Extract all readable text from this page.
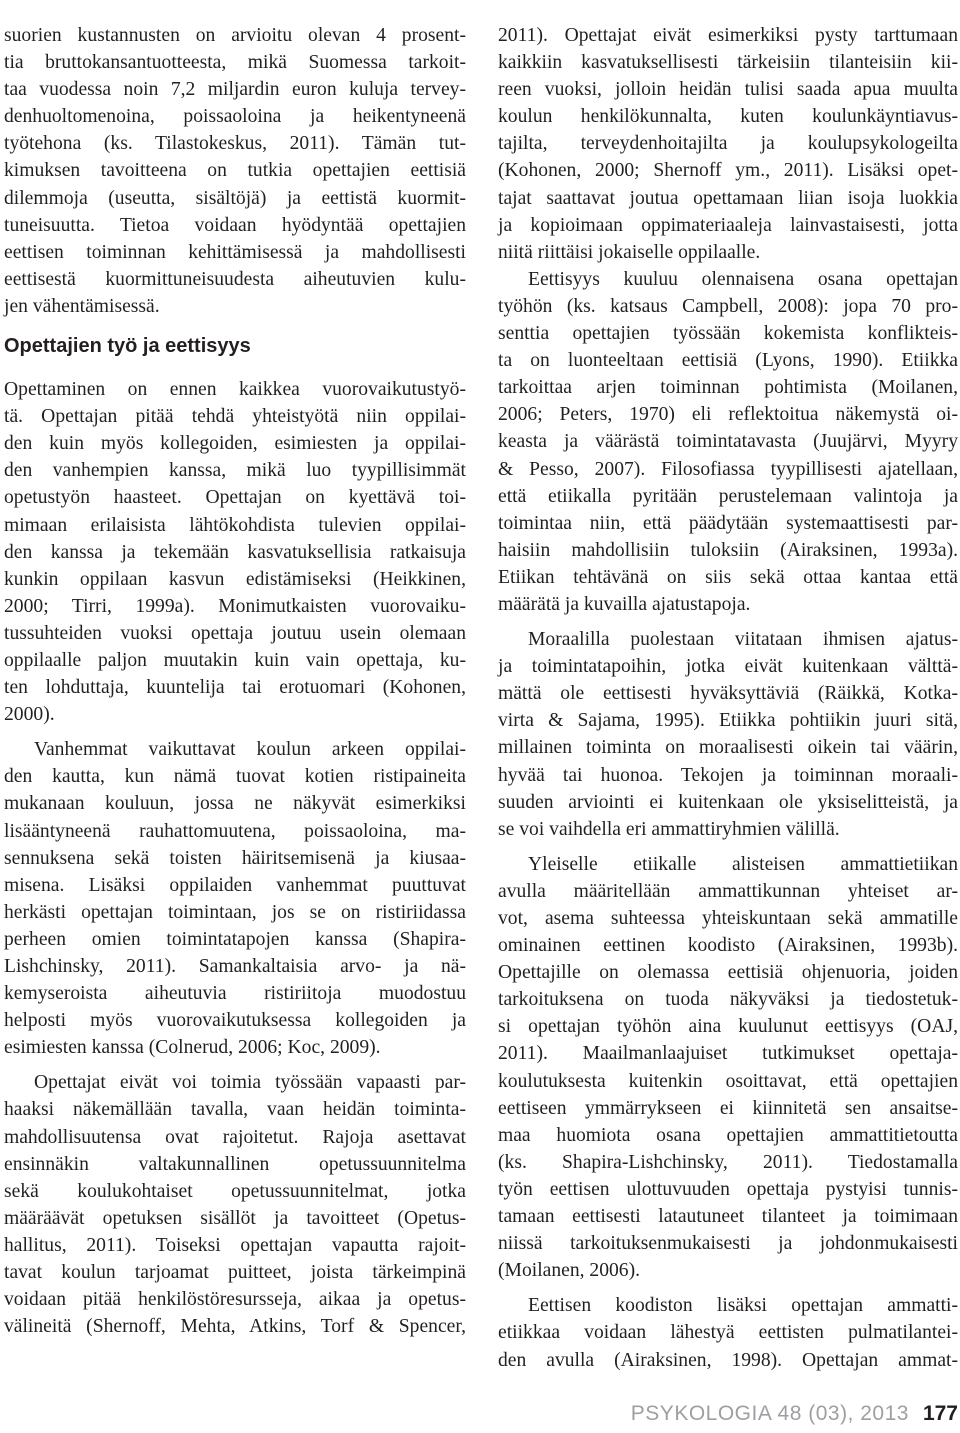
suorien kustannusten on arvioitu olevan 4 prosent-
tia bruttokansantuotteesta, mikä Suomessa tarkoit-
taa vuodessa noin 7,2 miljardin euron kuluja tervey-
denhuoltomenoina, poissaoloina ja heikentyneenä
työtehona (ks. Tilastokeskus, 2011). Tämän tut-
kimuksen tavoitteena on tutkia opettajien eettisiä
dilemmoja (useutta, sisältöjä) ja eettistä kuormit-
tuneisuutta. Tietoa voidaan hyödyntää opettajien
eettisen toiminnan kehittämisessä ja mahdollisesti
eettisestä kuormittuneisuudesta aiheutuvien kulu-
jen vähentämisessä.
Opettajien työ ja eettisyys
Opettaminen on ennen kaikkea vuorovaikutustyö-
tä. Opettajan pitää tehdä yhteistyötä niin oppilai-
den kuin myös kollegoiden, esimiesten ja oppilai-
den vanhempien kanssa, mikä luo tyypillisimmät
opetustyön haasteet. Opettajan on kyettävä toi-
mimaan erilaisista lähtökohdista tulevien oppilai-
den kanssa ja tekemään kasvatuksellisia ratkaisuja
kunkin oppilaan kasvun edistämiseksi (Heikkinen,
2000; Tirri, 1999a). Monimutkaisten vuorovaiku-
tussuhteiden vuoksi opettaja joutuu usein olemaan
oppilaalle paljon muutakin kuin vain opettaja, ku-
ten lohduttaja, kuuntelija tai erotuomari (Kohonen,
2000).
Vanhemmat vaikuttavat koulun arkeen oppilai-
den kautta, kun nämä tuovat kotien ristipaineita
mukanaan kouluun, jossa ne näkyvät esimerkiksi
lisääntyneenä rauhattomuutena, poissaoloina, ma-
sennuksena sekä toisten häiritsemisenä ja kiusaa-
misena. Lisäksi oppilaiden vanhemmat puuttuvat
herkästi opettajan toimintaan, jos se on ristiriidassa
perheen omien toimintatapojen kanssa (Shapira-
Lishchinsky, 2011). Samankaltaisia arvo- ja nä-
kemyseroista aiheutuvia ristiriitoja muodostuu
helposti myös vuorovaikutuksessa kollegoiden ja
esimiesten kanssa (Colnerud, 2006; Koc, 2009).
Opettajat eivät voi toimia työssään vapaasti par-
haaksi näkemällään tavalla, vaan heidän toiminta-
mahdollisuutensa ovat rajoitetut. Rajoja asettavat
ensinnäkin valtakunnallinen opetussuunnitelma
sekä koulukohtaiset opetussuunnitelmat, jotka
määräävät opetuksen sisällöt ja tavoitteet (Opetus-
hallitus, 2011). Toiseksi opettajan vapautta rajoit-
tavat koulun tarjoamat puitteet, joista tärkeimpinä
voidaan pitää henkilöstöresursseja, aikaa ja opetus-
välineitä (Shernoff, Mehta, Atkins, Torf & Spencer,
2011). Opettajat eivät esimerkiksi pysty tarttumaan
kaikkiin kasvatuksellisesti tärkeisiin tilanteisiin kii-
reen vuoksi, jolloin heidän tulisi saada apua muulta
koulun henkilökunnalta, kuten koulunkäyntiavus-
tajilta, terveydenhoitajilta ja koulupsykologeilta
(Kohonen, 2000; Shernoff ym., 2011). Lisäksi opet-
tajat saattavat joutua opettamaan liian isoja luokkia
ja kopioimaan oppimateriaaleja lainvastaisesti, jotta
niitä riittäisi jokaiselle oppilaalle.
Eettisyys kuuluu olennaisena osana opettajan
työhön (ks. katsaus Campbell, 2008): jopa 70 pro-
senttia opettajien työssään kokemista konflikteis-
ta on luonteeltaan eettisiä (Lyons, 1990). Etiikka
tarkoittaa arjen toiminnan pohtimista (Moilanen,
2006; Peters, 1970) eli reflektoitua näkemystä oi-
keasta ja väärästä toimintatavasta (Juujärvi, Myyry
& Pesso, 2007). Filosofiassa tyypillisesti ajatellaan,
että etiikalla pyritään perustelemaan valintoja ja
toimintaa niin, että päädytään systemaattisesti par-
haisiin mahdollisiin tuloksiin (Airaksinen, 1993a).
Etiikan tehtävänä on siis sekä ottaa kantaa että
määrätä ja kuvailla ajatustapoja.
Moraalilla puolestaan viitataan ihmisen ajatus-
ja toimintatapoihin, jotka eivät kuitenkaan välttä-
mättä ole eettisesti hyväksyttäviä (Räikkä, Kotka-
virta & Sajama, 1995). Etiikka pohtiikin juuri sitä,
millainen toiminta on moraalisesti oikein tai väärin,
hyvää tai huonoa. Tekojen ja toiminnan moraali-
suuden arviointi ei kuitenkaan ole yksiselitteistä, ja
se voi vaihdella eri ammattiryhmien välillä.
Yleiselle etiikalle alisteisen ammattietiikan
avulla määritellään ammattikunnan yhteiset ar-
vot, asema suhteessa yhteiskuntaan sekä ammatille
ominainen eettinen koodisto (Airaksinen, 1993b).
Opettajille on olemassa eettisiä ohjenuoria, joiden
tarkoituksena on tuoda näkyväksi ja tiedostetuk-
si opettajan työhön aina kuulunut eettisyys (OAJ,
2011). Maailmanlaajuiset tutkimukset opettaja-
koulutuksesta kuitenkin osoittavat, että opettajien
eettiseen ymmärrykseen ei kiinnitetä sen ansaitse-
maa huomiota osana opettajien ammattitietoutta
(ks. Shapira-Lishchinsky, 2011). Tiedostamalla
työn eettisen ulottuvuuden opettaja pystyisi tunnis-
tamaan eettisesti latautuneet tilanteet ja toimimaan
niissä tarkoituksenmukaisesti ja johdonmukaisesti
(Moilanen, 2006).
Eettisen koodiston lisäksi opettajan ammatti-
etiikkaa voidaan lähestyä eettisten pulmatilantei-
den avulla (Airaksinen, 1998). Opettajan ammat-
PSYKOLOGIA 48 (03), 2013 177
